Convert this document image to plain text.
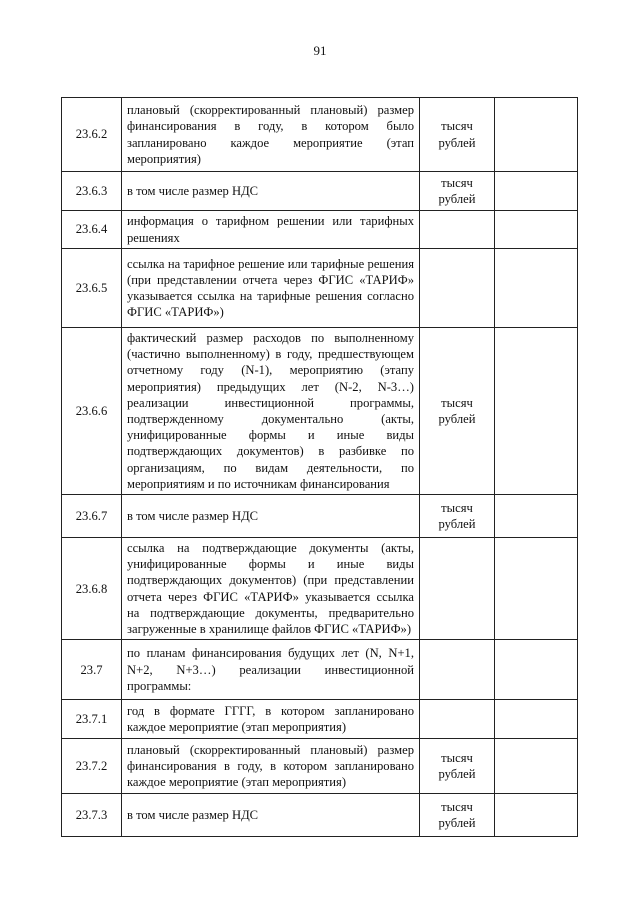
91
23.6.2	плановый (скорректированный плановый) размер финансирования в году, в котором было запланировано каждое мероприятие (этап мероприятия)	тысяч рублей	
23.6.3	в том числе размер НДС	тысяч рублей	
23.6.4	информация о тарифном решении или тарифных решениях		
23.6.5	ссылка на тарифное решение или тарифные решения (при представлении отчета через ФГИС «ТАРИФ» указывается ссылка на тарифные решения согласно ФГИС «ТАРИФ»)		
23.6.6	фактический размер расходов по выполненному (частично выполненному) в году, предшествующем отчетному году (N-1), мероприятию (этапу мероприятия) предыдущих лет (N-2, N-3…) реализации инвестиционной программы, подтвержденному документально (акты, унифицированные формы и иные виды подтверждающих документов) в разбивке по организациям, по видам деятельности, по мероприятиям и по источникам финансирования	тысяч рублей	
23.6.7	в том числе размер НДС	тысяч рублей	
23.6.8	ссылка на подтверждающие документы (акты, унифицированные формы и иные виды подтверждающих документов) (при представлении отчета через ФГИС «ТАРИФ» указывается ссылка на подтверждающие документы, предварительно загруженные в хранилище файлов ФГИС «ТАРИФ»)		
23.7	по планам финансирования будущих лет (N, N+1, N+2, N+3…) реализации инвестиционной программы:		
23.7.1	год в формате ГГГГ, в котором запланировано каждое мероприятие (этап мероприятия)		
23.7.2	плановый (скорректированный плановый) размер финансирования в году, в котором запланировано каждое мероприятие (этап мероприятия)	тысяч рублей	
23.7.3	в том числе размер НДС	тысяч рублей	
